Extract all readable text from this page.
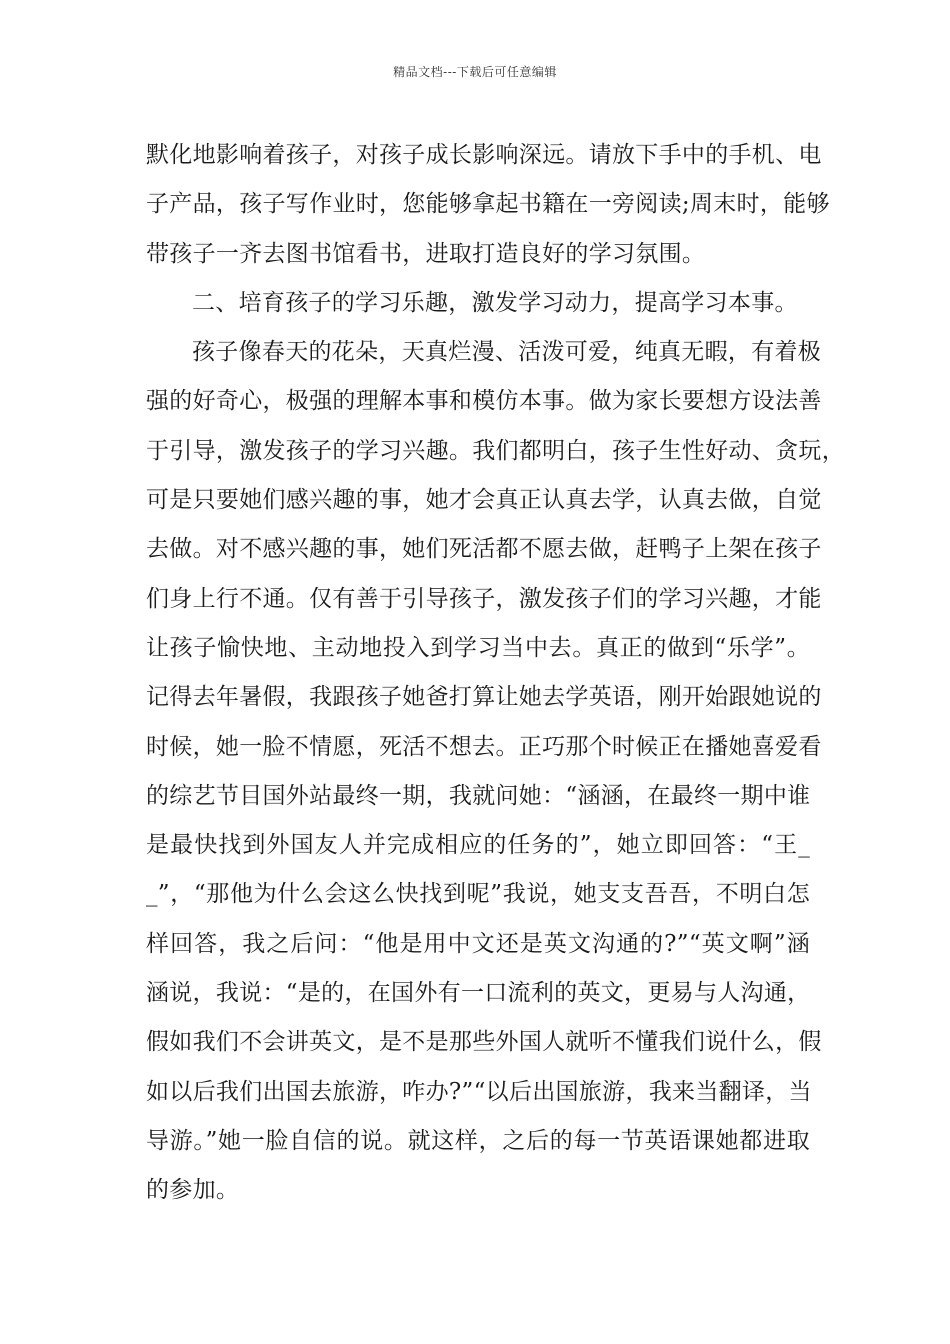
精品文档---下载后可任意编辑
默化地影响着孩子，对孩子成长影响深远。请放下手中的手机、电
子产品，孩子写作业时，您能够拿起书籍在一旁阅读;周末时，能够
带孩子一齐去图书馆看书，进取打造良好的学习氛围。
二、培育孩子的学习乐趣，激发学习动力，提高学习本事。
孩子像春天的花朵，天真烂漫、活泼可爱，纯真无暇，有着极
强的好奇心，极强的理解本事和模仿本事。做为家长要想方设法善
于引导，激发孩子的学习兴趣。我们都明白，孩子生性好动、贪玩，
可是只要她们感兴趣的事，她才会真正认真去学，认真去做，自觉
去做。对不感兴趣的事，她们死活都不愿去做，赶鸭子上架在孩子
们身上行不通。仅有善于引导孩子，激发孩子们的学习兴趣，才能
让孩子愉快地、主动地投入到学习当中去。真正的做到“乐学”。
记得去年暑假，我跟孩子她爸打算让她去学英语，刚开始跟她说的
时候，她一脸不情愿，死活不想去。正巧那个时候正在播她喜爱看
的综艺节目国外站最终一期，我就问她：“涵涵，在最终一期中谁
是最快找到外国友人并完成相应的任务的”，她立即回答：“王_
_”，“那他为什么会这么快找到呢”我说，她支支吾吾，不明白怎
样回答，我之后问：“他是用中文还是英文沟通的?”“英文啊”涵
涵说，我说：“是的，在国外有一口流利的英文，更易与人沟通，
假如我们不会讲英文，是不是那些外国人就听不懂我们说什么，假
如以后我们出国去旅游，咋办?”“以后出国旅游，我来当翻译，当
导游。”她一脸自信的说。就这样，之后的每一节英语课她都进取
的参加。
